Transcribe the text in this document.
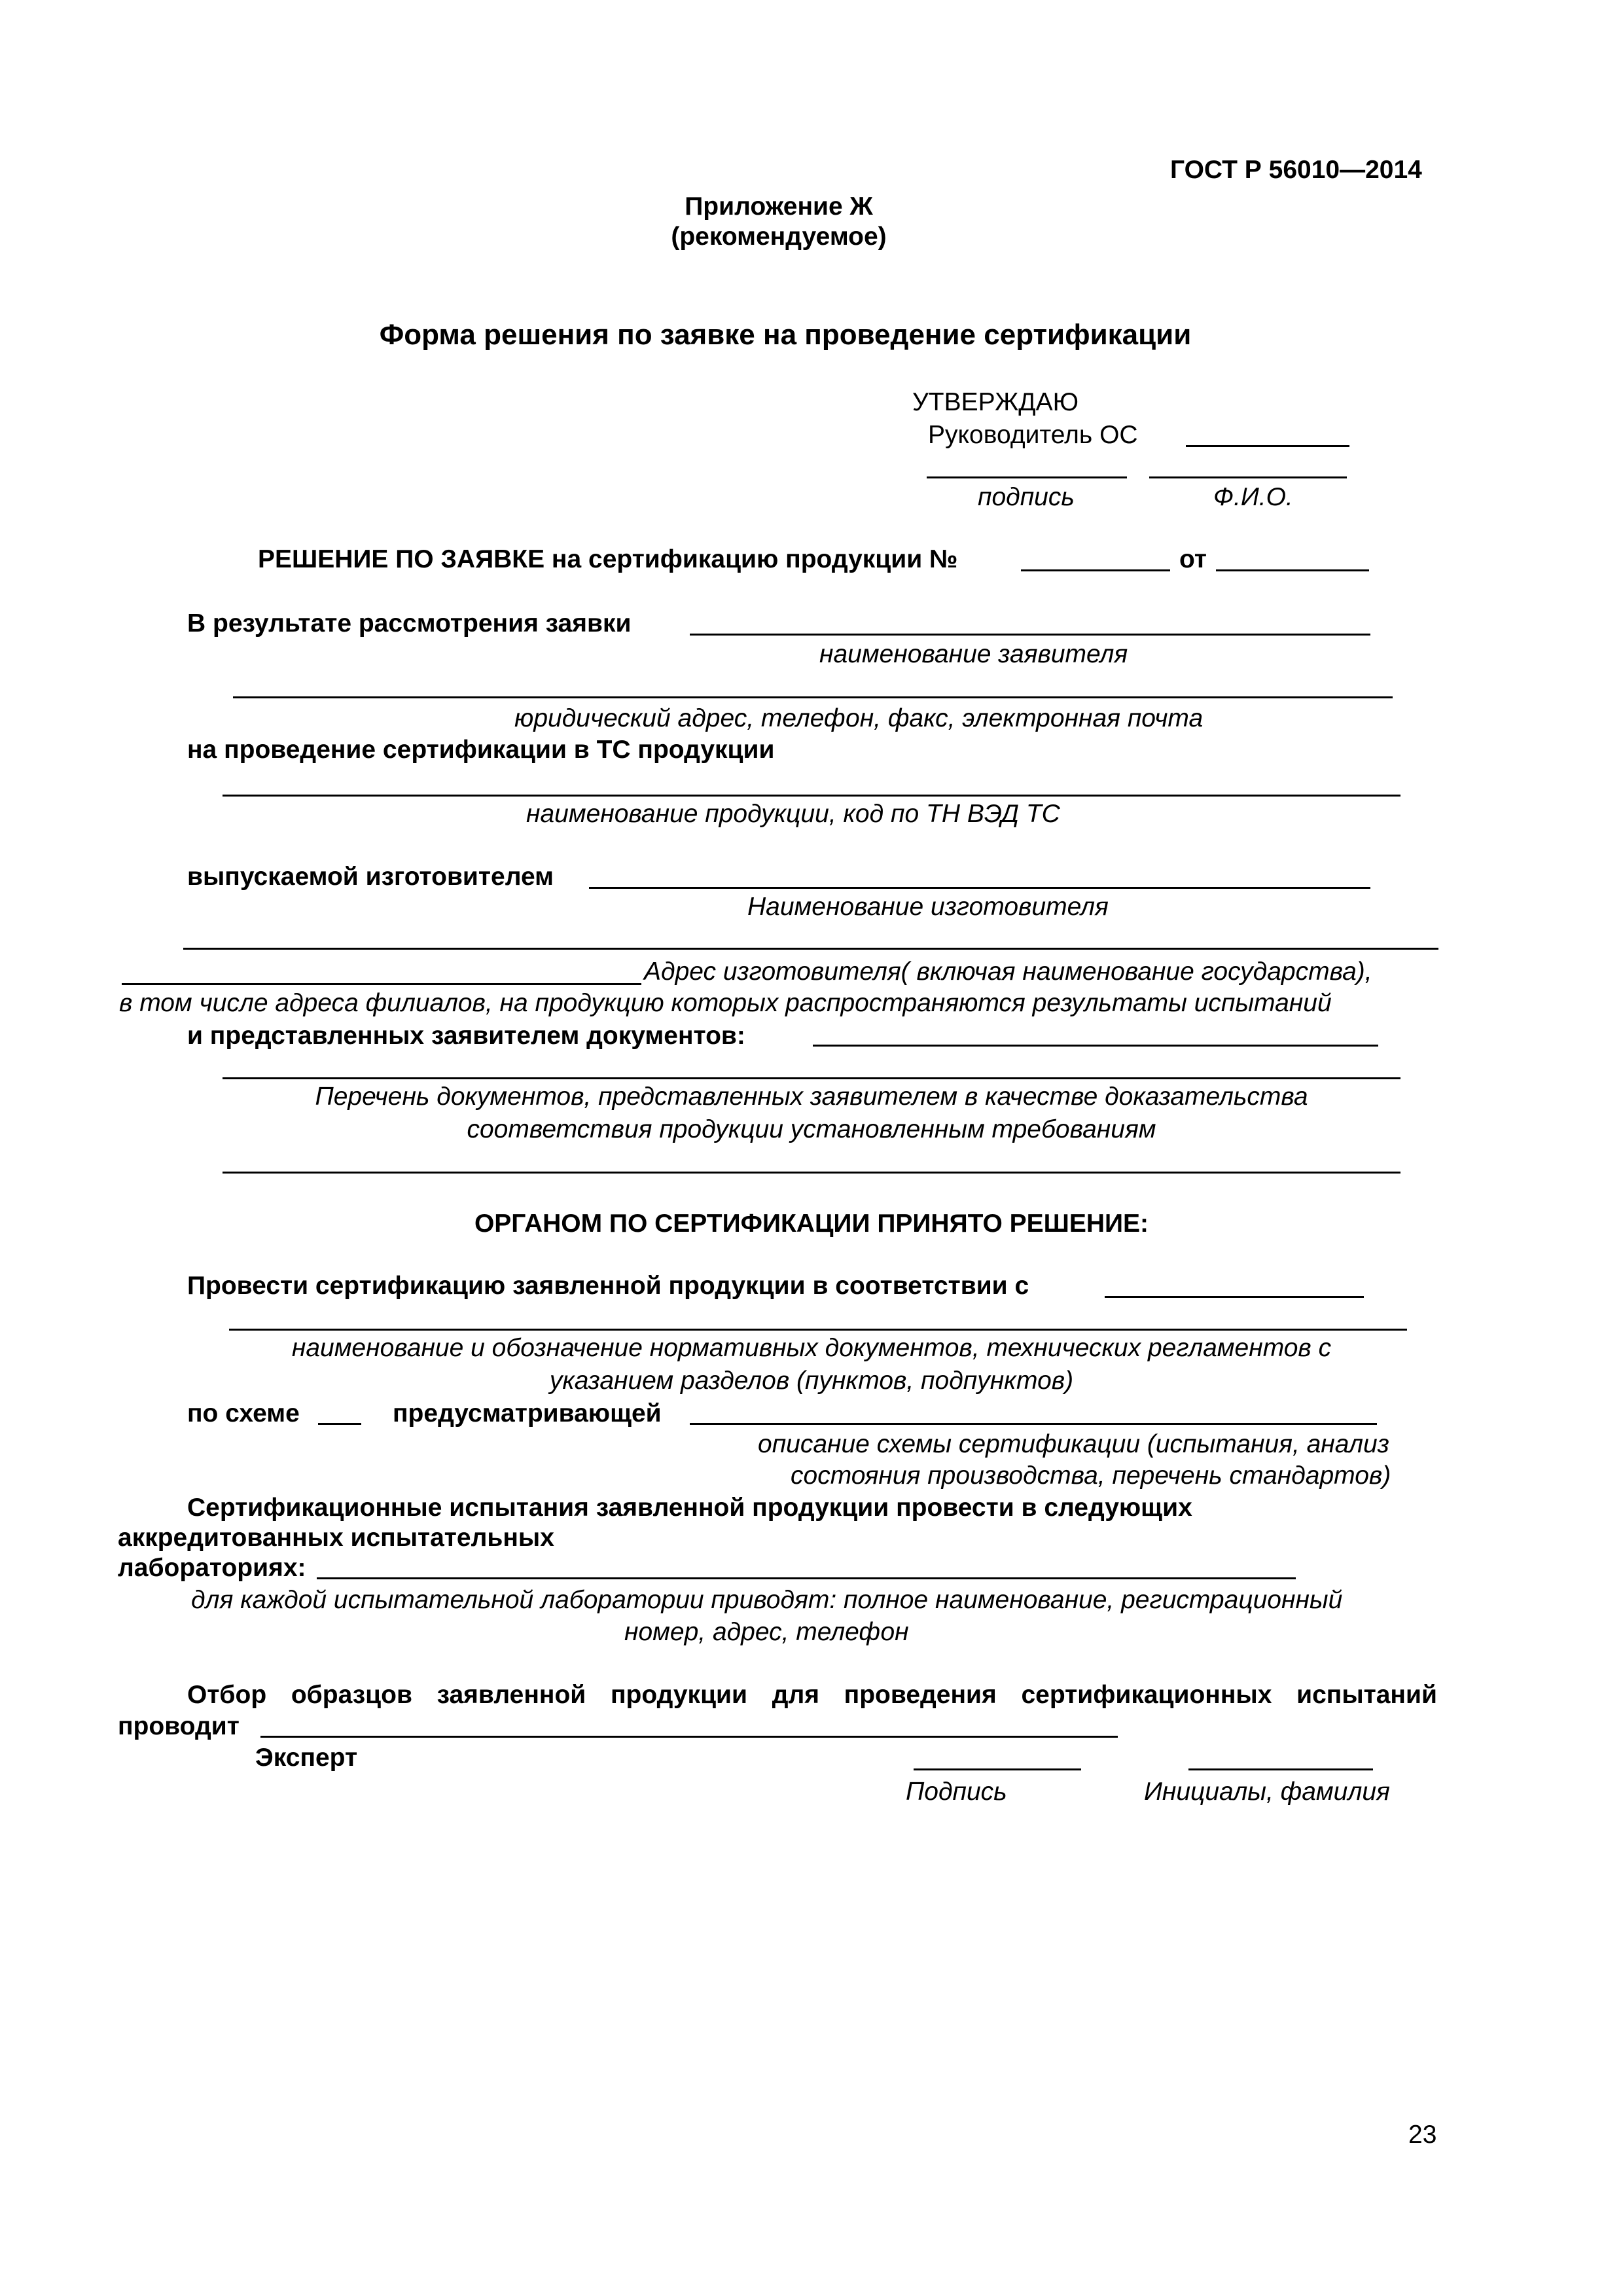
ГОСТ Р 56010—2014
Приложение Ж
(рекомендуемое)
Форма решения по заявке на проведение сертификации
УТВЕРЖДАЮ
Руководитель ОС
подпись	Ф.И.О.
РЕШЕНИЕ ПО ЗАЯВКЕ на сертификацию продукции №	от
В результате рассмотрения заявки
наименование заявителя
юридический адрес, телефон, факс, электронная почта
на проведение сертификации в ТС продукции
наименование продукции, код по ТН ВЭД ТС
выпускаемой изготовителем
Наименование изготовителя
Адрес изготовителя( включая наименование государства),
в том числе адреса филиалов, на продукцию которых распространяются результаты испытаний
и представленных заявителем документов:
Перечень документов, представленных заявителем в качестве доказательства
соответствия продукции установленным требованиям
ОРГАНОМ ПО СЕРТИФИКАЦИИ ПРИНЯТО РЕШЕНИЕ:
Провести сертификацию заявленной продукции в соответствии с
наименование и обозначение нормативных документов, технических регламентов с
указанием разделов (пунктов, подпунктов)
по схеме	предусматривающей
описание схемы сертификации (испытания, анализ
состояния производства, перечень стандартов)
Сертификационные испытания заявленной продукции провести в следующих
аккредитованных испытательных
лабораториях:
для каждой испытательной лаборатории приводят: полное наименование, регистрационный
номер, адрес, телефон
Отбор образцов заявленной продукции для проведения сертификационных испытаний
проводит
Эксперт
Подпись	Инициалы, фамилия
23
